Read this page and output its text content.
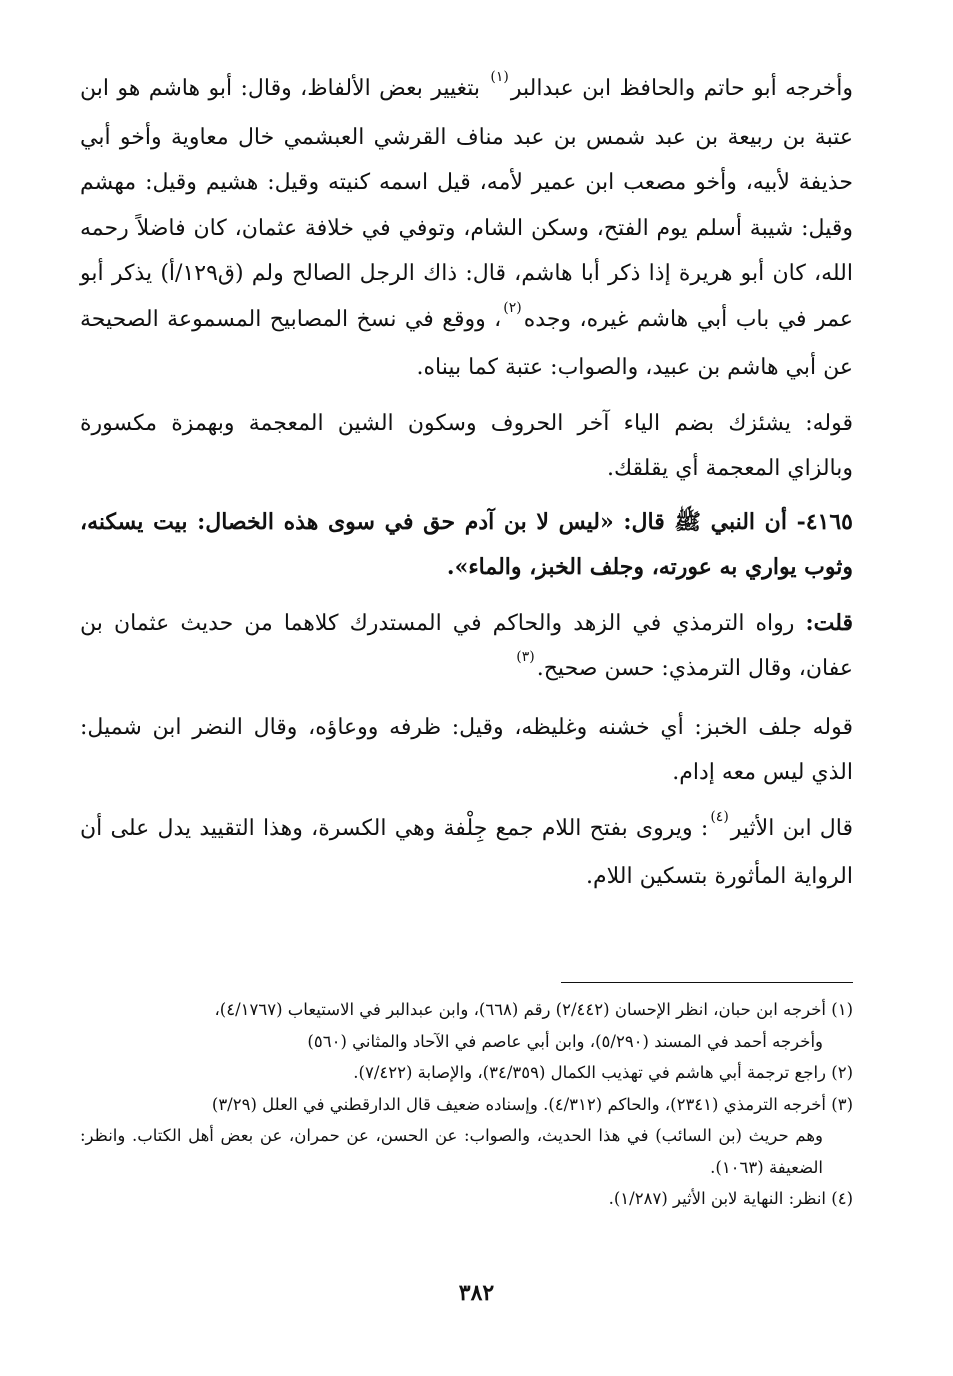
وأخرجه أبو حاتم والحافظ ابن عبدالبر$^{(١)}$ بتغيير بعض الألفاظ، وقال: أبو هاشم هو ابن عتبة بن ربيعة بن عبد شمس بن عبد مناف القرشي العبشمي خال معاوية وأخو أبي حذيفة لأبيه، وأخو مصعب ابن عمير لأمه، قيل اسمه كنيته وقيل: هشيم وقيل: مهشم وقيل: شيبة أسلم يوم الفتح، وسكن الشام، وتوفي في خلافة عثمان، كان فاضلاً رحمه الله، كان أبو هريرة إذا ذكر أبا هاشم، قال: ذاك الرجل الصالح ولم (ق١٢٩/أ) يذكر أبو عمر في باب أبي هاشم غيره، وجده$^{(٢)}$، ووقع في نسخ المصابيح المسموعة الصحيحة عن أبي هاشم بن عبيد، والصواب: عتبة كما بيناه.

قوله: يشئزك بضم الياء آخر الحروف وسكون الشين المعجمة وبهمزة مكسورة وبالزاي المعجمة أي يقلقك.

٤١٦٥- أن النبي ﷺ قال: «ليس لا بن آدم حق في سوى هذه الخصال: بيت يسكنه، وثوب يواري به عورته، وجلف الخبز، والماء».

قلت: رواه الترمذي في الزهد والحاكم في المستدرك كلاهما من حديث عثمان بن عفان، وقال الترمذي: حسن صحيح.$^{(٣)}$

قوله جلف الخبز: أي خشنه وغليظه، وقيل: ظرفه ووعاؤه، وقال النضر ابن شميل: الذي ليس معه إدام.

قال ابن الأثير$^{(٤)}$: ويروى بفتح اللام جمع جِلْفة وهي الكسرة، وهذا التقييد يدل على أن الرواية المأثورة بتسكين اللام.

(١) أخرجه ابن حبان، انظر الإحسان (٢/٤٤٢) رقم (٦٦٨)، وابن عبدالبر في الاستيعاب (٤/١٧٦٧)،
وأخرجه أحمد في المسند (٥/٢٩٠)، وابن أبي عاصم في الآحاد والمثاني (٥٦٠)

(٢) راجع ترجمة أبي هاشم في تهذيب الكمال (٣٤/٣٥٩)، والإصابة (٧/٤٢٢).

(٣) أخرجه الترمذي (٢٣٤١)، والحاكم (٤/٣١٢). وإسناده ضعيف قال الدارقطني في العلل (٣/٢٩)
وهم حريث (بن السائب) في هذا الحديث، والصواب: عن الحسن، عن حمران، عن بعض أهل الكتاب. وانظر: الضعيفة (١٠٦٣).

(٤) انظر: النهاية لابن الأثير (١/٢٨٧).

٣٨٢
